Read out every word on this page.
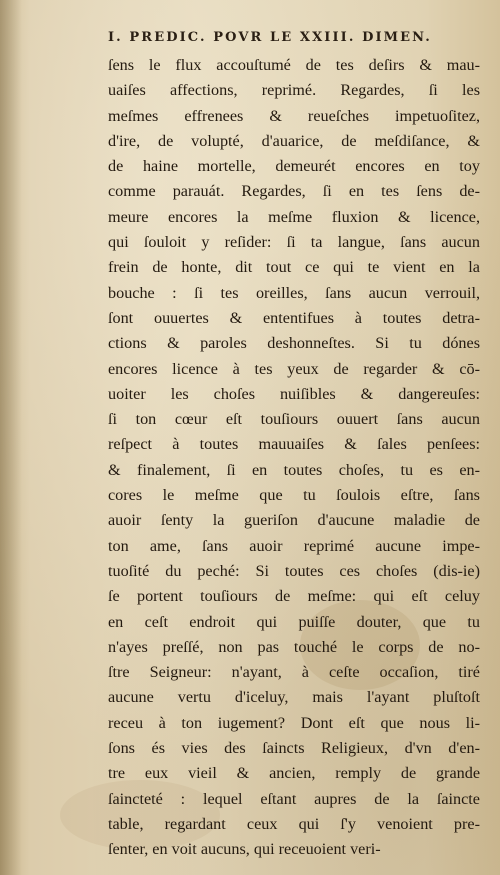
I. PREDIC. POVR LE XXIII. DIMEN.
ſens le flux accouſtumé de tes deſirs & mau-
uaiſes affections, reprimé. Regardes, ſi les
meſmes effrenees & reueſches impetuoſitez,
d'ire, de volupté, d'auarice, de meſdiſance, &
de haine mortelle, demeurét encores en toy
comme parauát. Regardes, ſi en tes ſens de-
meure encores la meſme fluxion & licence,
qui ſouloit y reſider: ſi ta langue, ſans aucun
frein de honte, dit tout ce qui te vient en la
bouche : ſi tes oreilles, ſans aucun verrouil,
ſont ouuertes & ententifues à toutes detra-
ctions & paroles deshonneſtes. Si tu dónes
encores licence à tes yeux de regarder & cō-
uoiter les choſes nuiſibles & dangereuſes:
ſi ton cœur eſt touſiours ouuert ſans aucun
reſpect à toutes mauuaiſes & ſales penſees:
& finalement, ſi en toutes choſes, tu es en-
cores le meſme que tu ſoulois eſtre, ſans
auoir ſenty la gueriſon d'aucune maladie de
ton ame, ſans auoir reprimé aucune impe-
tuoſité du peché: Si toutes ces choſes (dis-ie)
ſe portent touſiours de meſme: qui eſt celuy
en ceſt endroit qui puiſſe douter, que tu
n'ayes preſſé, non pas touché le corps de no-
ſtre Seigneur: n'ayant, à ceſte occaſion, tiré
aucune vertu d'iceluy, mais l'ayant pluſtoſt
receu à ton iugement? Dont eſt que nous li-
ſons és vies des ſaincts Religieux, d'vn d'en-
tre eux vieil & ancien, remply de grande
ſaincteté : lequel eſtant aupres de la ſaincte
table, regardant ceux qui ſ'y venoient pre-
ſenter, en voit aucuns, qui receuoient veri-
